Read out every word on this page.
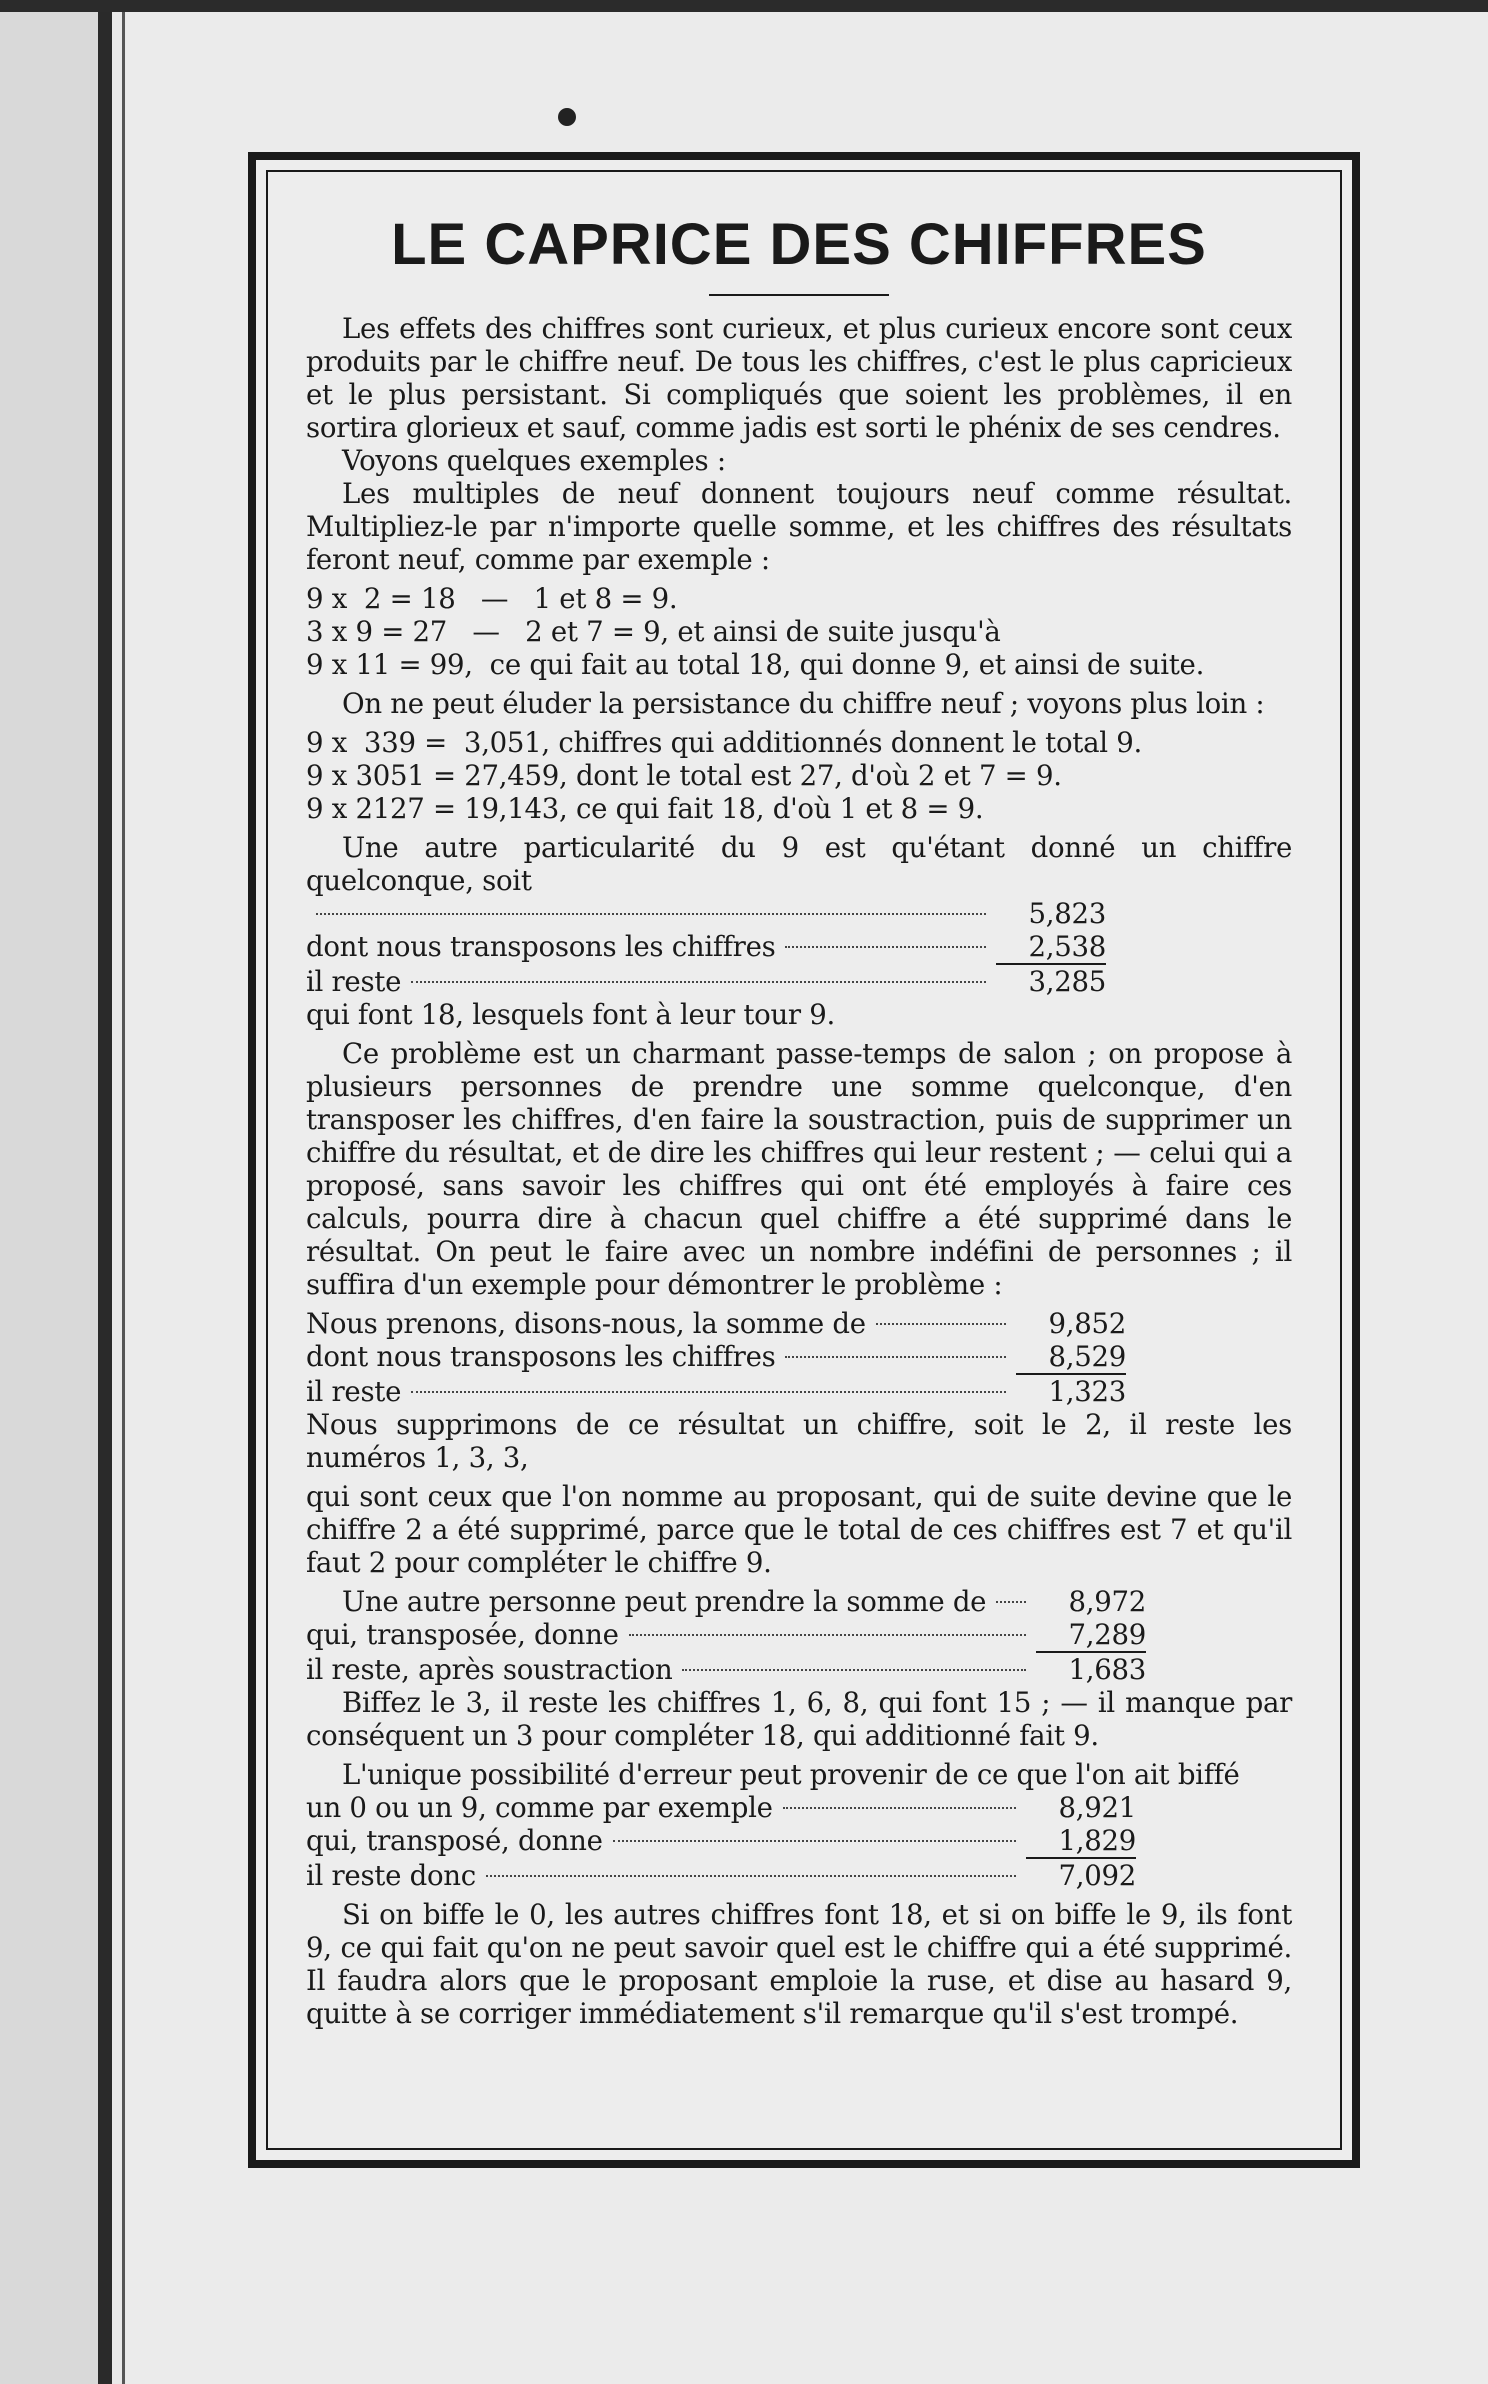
LE CAPRICE DES CHIFFRES

Les effets des chiffres sont curieux, et plus curieux encore sont ceux produits par le chiffre neuf. De tous les chiffres, c'est le plus capricieux et le plus persistant. Si compliqués que soient les problèmes, il en sortira glorieux et sauf, comme jadis est sorti le phénix de ses cendres.

Voyons quelques exemples :

Les multiples de neuf donnent toujours neuf comme résultat. Multipliez-le par n'importe quelle somme, et les chiffres des résultats feront neuf, comme par exemple :

9 x  2 = 18   —   1 et 8 = 9.

3 x 9 = 27   —   2 et 7 = 9, et ainsi de suite jusqu'à

9 x 11 = 99,  ce qui fait au total 18, qui donne 9, et ainsi de suite.

On ne peut éluder la persistance du chiffre neuf ; voyons plus loin :

9 x  339 =  3,051, chiffres qui additionnés donnent le total 9.

9 x 3051 = 27,459, dont le total est 27, d'où 2 et 7 = 9.

9 x 2127 = 19,143, ce qui fait 18, d'où 1 et 8 = 9.

Une autre particularité du 9 est qu'étant donné un chiffre quelconque, soit

5,823
dont nous transposons les chiffres	2,538
il reste	3,285

qui font 18, lesquels font à leur tour 9.

Ce problème est un charmant passe-temps de salon ; on propose à plusieurs personnes de prendre une somme quelconque, d'en transposer les chiffres, d'en faire la soustraction, puis de supprimer un chiffre du résultat, et de dire les chiffres qui leur restent ; — celui qui a proposé, sans savoir les chiffres qui ont été employés à faire ces calculs, pourra dire à chacun quel chiffre a été supprimé dans le résultat. On peut le faire avec un nombre indéfini de personnes ; il suffira d'un exemple pour démontrer le problème :

Nous prenons, disons-nous, la somme de	9,852
dont nous transposons les chiffres	8,529
il reste	1,323

Nous supprimons de ce résultat un chiffre, soit le 2, il reste les numéros 1, 3, 3,

qui sont ceux que l'on nomme au proposant, qui de suite devine que le chiffre 2 a été supprimé, parce que le total de ces chiffres est 7 et qu'il faut 2 pour compléter le chiffre 9.

Une autre personne peut prendre la somme de	8,972
qui, transposée, donne	7,289
il reste, après soustraction	1,683

Biffez le 3, il reste les chiffres 1, 6, 8, qui font 15 ; — il manque par conséquent un 3 pour compléter 18, qui additionné fait 9.

L'unique possibilité d'erreur peut provenir de ce que l'on ait biffé

un 0 ou un 9, comme par exemple	8,921
qui, transposé, donne	1,829
il reste donc	7,092

Si on biffe le 0, les autres chiffres font 18, et si on biffe le 9, ils font 9, ce qui fait qu'on ne peut savoir quel est le chiffre qui a été supprimé. Il faudra alors que le proposant emploie la ruse, et dise au hasard 9, quitte à se corriger immédiatement s'il remarque qu'il s'est trompé.
